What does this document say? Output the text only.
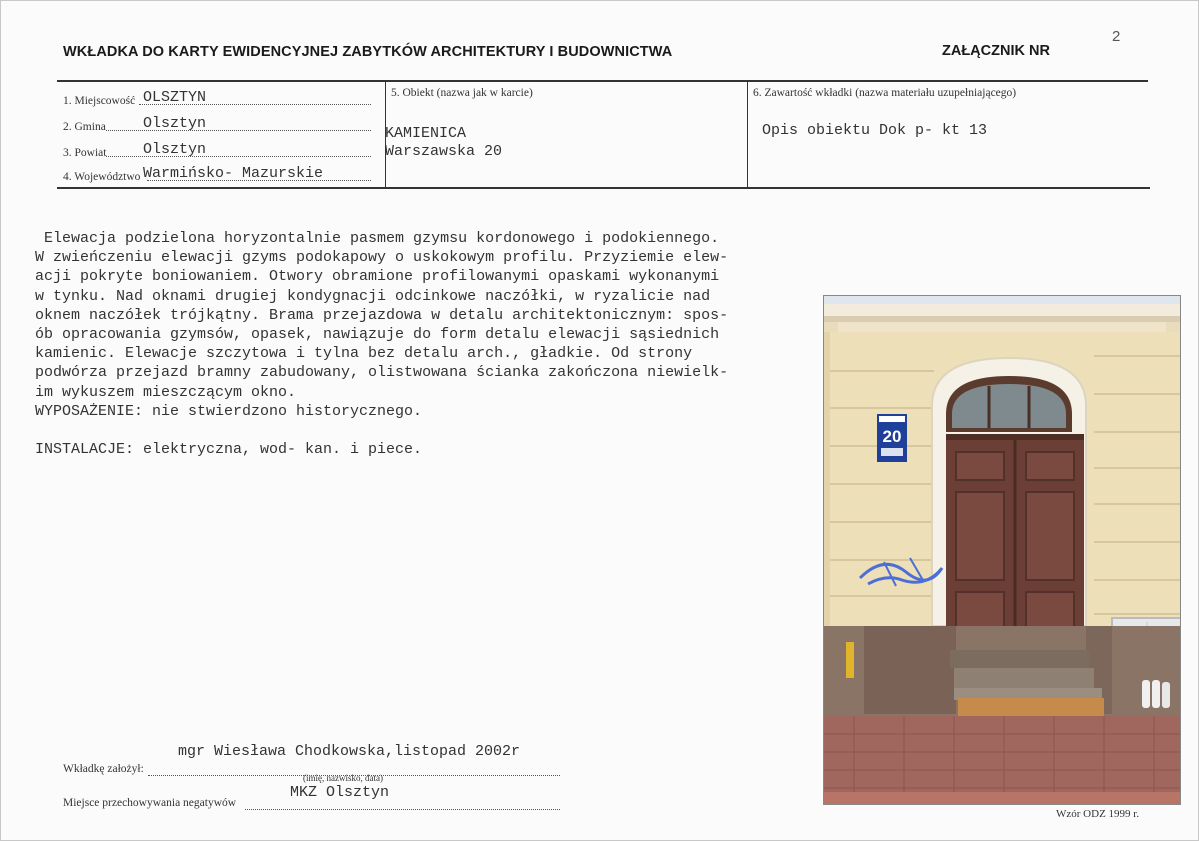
2
WKŁADKA DO KARTY EWIDENCYJNEJ ZABYTKÓW ARCHITEKTURY I BUDOWNICTWA	ZAŁĄCZNIK NR
1. Miejscowość OLSZTYN
2. Gmina Olsztyn
3. Powiat Olsztyn
4. Województwo Warmińsko- Mazurskie
5. Obiekt (nazwa jak w karcie)
KAMIENICA
Warszawska 20
6. Zawartość wkładki (nazwa materiału uzupełniającego)
Opis obiektu Dok p- kt 13
Elewacja podzielona horyzontalnie pasmem gzymsu kordonowego i podokiennego.
W zwieńczeniu elewacji gzyms podokapowy o uskokowym profilu. Przyziemie elew-
acji pokryte boniowaniem. Otwory obramione profilowanymi opaskami wykonanymi
w tynku. Nad oknami drugiej kondygnacji odcinkowe naczółki, w ryzalicie nad
oknem naczółek trójkątny. Brama przejazdowa w detalu architektonicznym: spos-
ób opracowania gzymsów, opasek, nawiązuje do form detalu elewacji sąsiednich
kamienic. Elewacje szczytowa i tylna bez detalu arch., gładkie. Od strony
podwórza przejazd bramny zabudowany, olistwowana ścianka zakończona niewielk-
im wykuszem mieszczącym okno.
WYPOSAŻENIE: nie stwierdzono historycznego.
INSTALACJE: elektryczna, wod- kan. i piece.
20
mgr Wiesława Chodkowska,listopad 2002r
Wkładkę założył:
(imię, nazwisko, data)
MKZ Olsztyn
Miejsce przechowywania negatywów
Wzór ODZ 1999 r.
